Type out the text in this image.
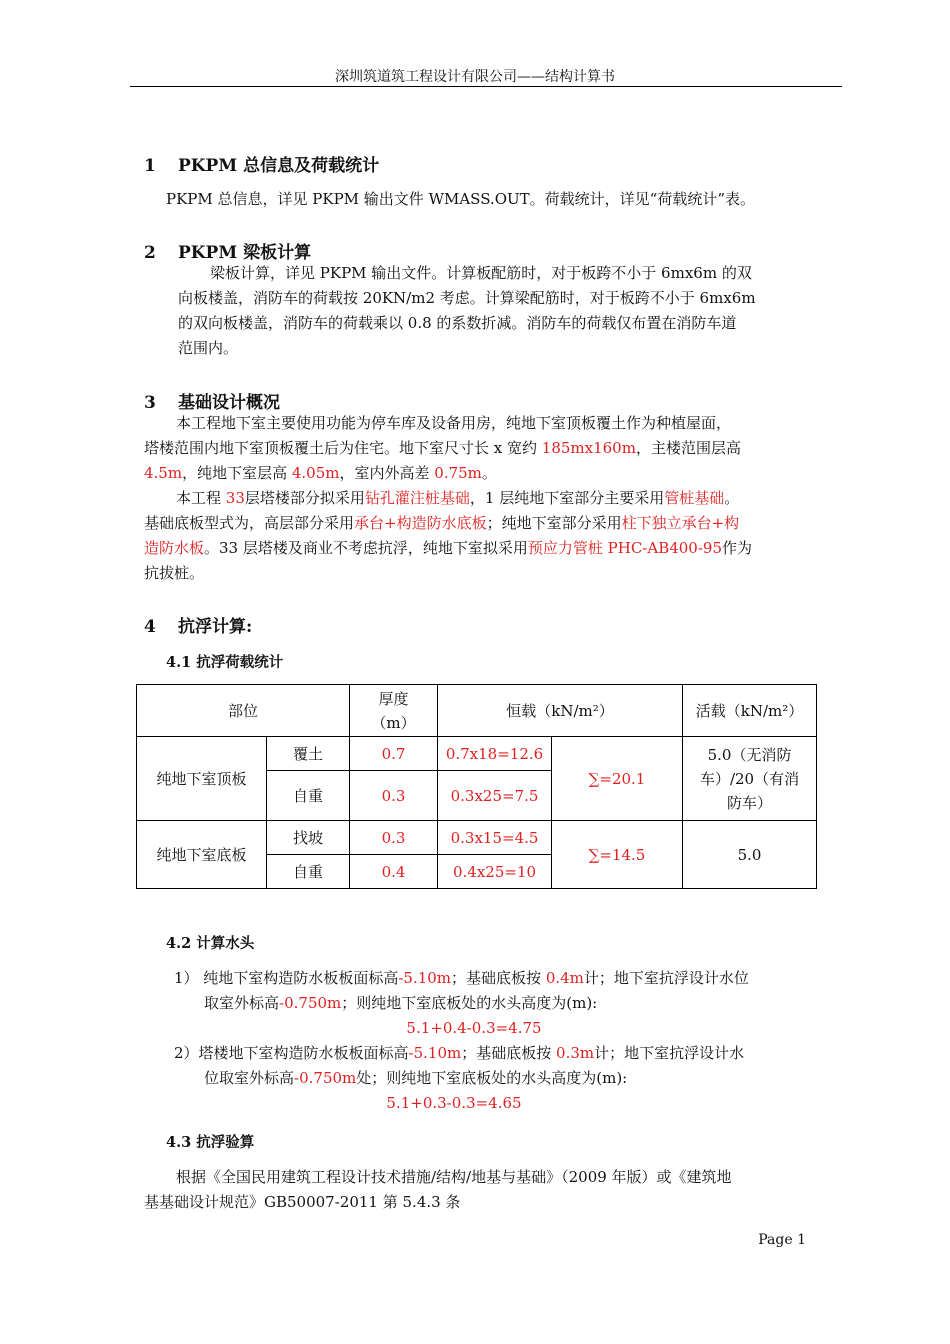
深圳筑道筑工程设计有限公司——结构计算书
1 PKPM 总信息及荷载统计
PKPM 总信息，详见 PKPM 输出文件 WMASS.OUT。荷载统计，详见“荷载统计”表。
2 PKPM 梁板计算
梁板计算，详见 PKPM 输出文件。计算板配筋时，对于板跨不小于 6mx6m 的双
向板楼盖，消防车的荷载按 20KN/m2 考虑。计算梁配筋时，对于板跨不小于 6mx6m
的双向板楼盖，消防车的荷载乘以 0.8 的系数折减。消防车的荷载仅布置在消防车道
范围内。
3 基础设计概况
本工程地下室主要使用功能为停车库及设备用房，纯地下室顶板覆土作为种植屋面，
塔楼范围内地下室顶板覆土后为住宅。地下室尺寸长 x 宽约 185mx160m，主楼范围层高
4.5m，纯地下室层高 4.05m，室内外高差 0.75m。
本工程 33层塔楼部分拟采用钻孔灌注桩基础，1 层纯地下室部分主要采用管桩基础。
基础底板型式为，高层部分采用承台+构造防水底板；纯地下室部分采用柱下独立承台+构
造防水板。33 层塔楼及商业不考虑抗浮，纯地下室拟采用预应力管桩 PHC-AB400-95作为
抗拔桩。
4 抗浮计算:
4.1 抗浮荷载统计
部位		厚度
（m）	恒载（kN/m²）		活载（kN/m²）
纯地下室顶板	覆土	0.7	0.7x18=12.6	∑=20.1	5.0（无消防
车）/20（有消
防车）

	自重	0.3	0.3x25=7.5		
纯地下室底板	找坡	0.3	0.3x15=4.5	∑=14.5	5.0
	自重	0.4	0.4x25=10		
4.2 计算水头
1） 纯地下室构造防水板板面标高-5.10m；基础底板按 0.4m计；地下室抗浮设计水位
取室外标高-0.750m；则纯地下室底板处的水头高度为(m):
5.1+0.4-0.3=4.75
2）塔楼地下室构造防水板板面标高-5.10m；基础底板按 0.3m计；地下室抗浮设计水
位取室外标高-0.750m处；则纯地下室底板处的水头高度为(m):
5.1+0.3-0.3=4.65
4.3 抗浮验算
根据《全国民用建筑工程设计技术措施/结构/地基与基础》（2009 年版）或《建筑地
基基础设计规范》GB50007-2011 第 5.4.3 条
Page 1
